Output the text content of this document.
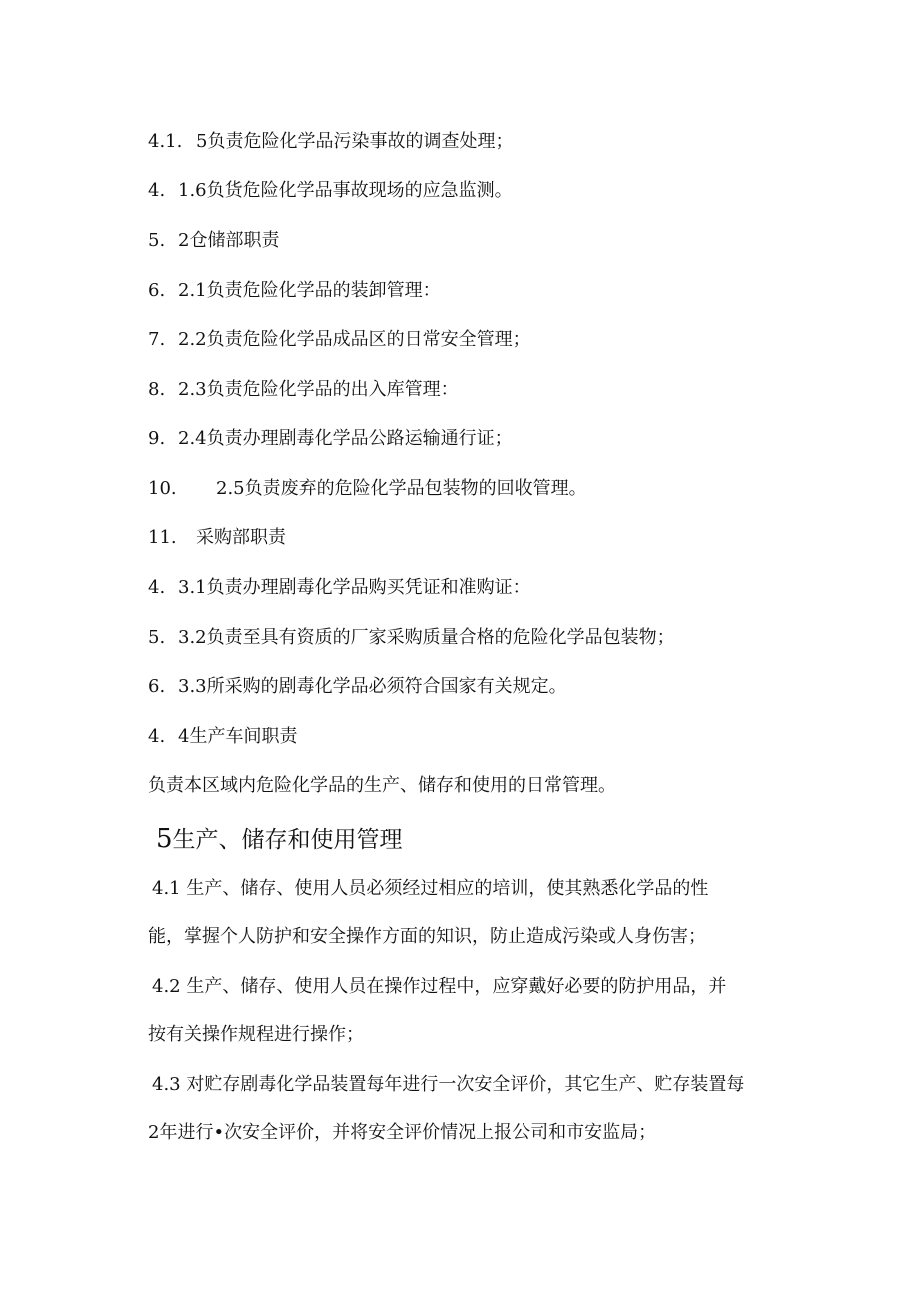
4.1. 5负责危险化学品污染事故的调查处理；
4. 1.6负货危险化学品事故现场的应急监测。
5. 2仓储部职责
6. 2.1负责危险化学品的装卸管理：
7. 2.2负责危险化学品成品区的日常安全管理；
8. 2.3负责危险化学品的出入库管理：
9. 2.4负责办理剧毒化学品公路运输通行证；
10. 2.5负责废弃的危险化学品包装物的回收管理。
11. 采购部职责
4. 3.1负责办理剧毒化学品购买凭证和准购证：
5. 3.2负责至具有资质的厂家采购质量合格的危险化学品包装物；
6. 3.3所采购的剧毒化学品必须符合国家有关规定。
4. 4生产车间职责
负责本区域内危险化学品的生产、储存和使用的日常管理。
5生产、储存和使用管理
4.1 生产、储存、使用人员必须经过相应的培训，使其熟悉化学品的性
能，掌握个人防护和安全操作方面的知识，防止造成污染或人身伤害；
4.2 生产、储存、使用人员在操作过程中，应穿戴好必要的防护用品，并
按有关操作规程进行操作；
4.3 对贮存剧毒化学品装置每年进行一次安全评价，其它生产、贮存装置每
2年进行•次安全评价，并将安全评价情况上报公司和市安监局；
